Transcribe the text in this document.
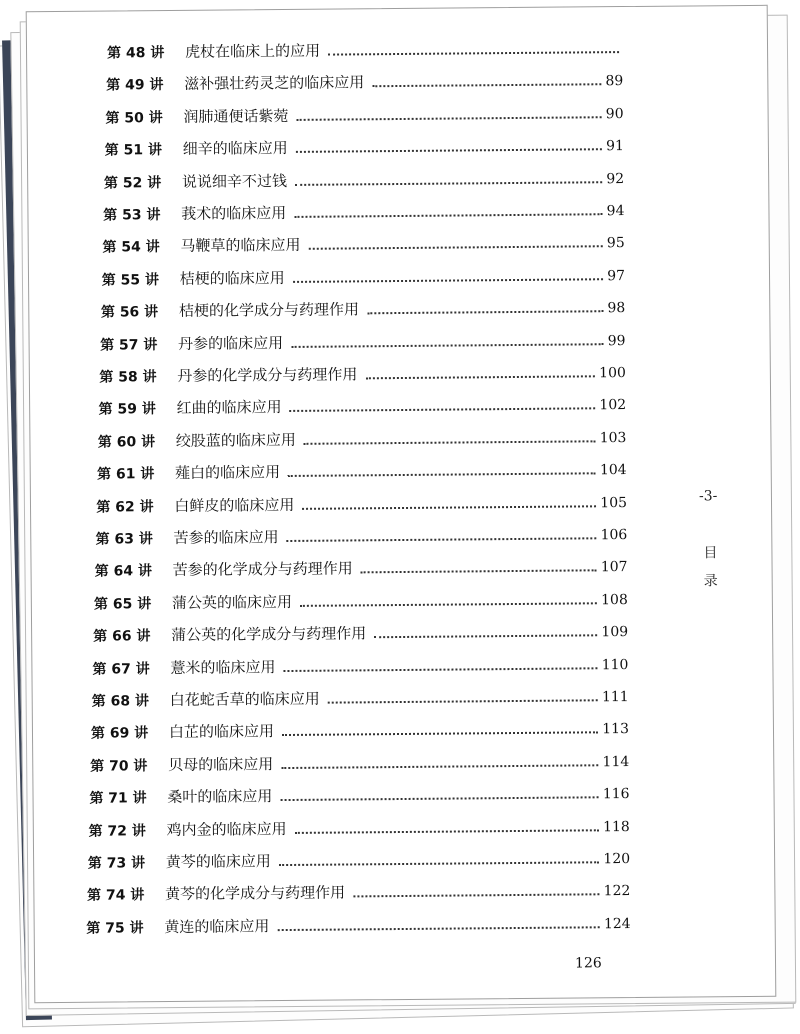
第 48 讲	虎杖在临床上的应用
第 49 讲	滋补强壮药灵芝的临床应用	89
第 50 讲	润肺通便话紫菀	90
第 51 讲	细辛的临床应用	91
第 52 讲	说说细辛不过钱	92
第 53 讲	莪术的临床应用	94
第 54 讲	马鞭草的临床应用	95
第 55 讲	桔梗的临床应用	97
第 56 讲	桔梗的化学成分与药理作用	98
第 57 讲	丹参的临床应用	99
第 58 讲	丹参的化学成分与药理作用	100
第 59 讲	红曲的临床应用	102
第 60 讲	绞股蓝的临床应用	103
第 61 讲	薤白的临床应用	104
第 62 讲	白鲜皮的临床应用	105
第 63 讲	苦参的临床应用	106
第 64 讲	苦参的化学成分与药理作用	107
第 65 讲	蒲公英的临床应用	108
第 66 讲	蒲公英的化学成分与药理作用	109
第 67 讲	薏米的临床应用	110
第 68 讲	白花蛇舌草的临床应用	111
第 69 讲	白芷的临床应用	113
第 70 讲	贝母的临床应用	114
第 71 讲	桑叶的临床应用	116
第 72 讲	鸡内金的临床应用	118
第 73 讲	黄芩的临床应用	120
第 74 讲	黄芩的化学成分与药理作用	122
第 75 讲	黄连的临床应用	124
126
-3-
目
录
